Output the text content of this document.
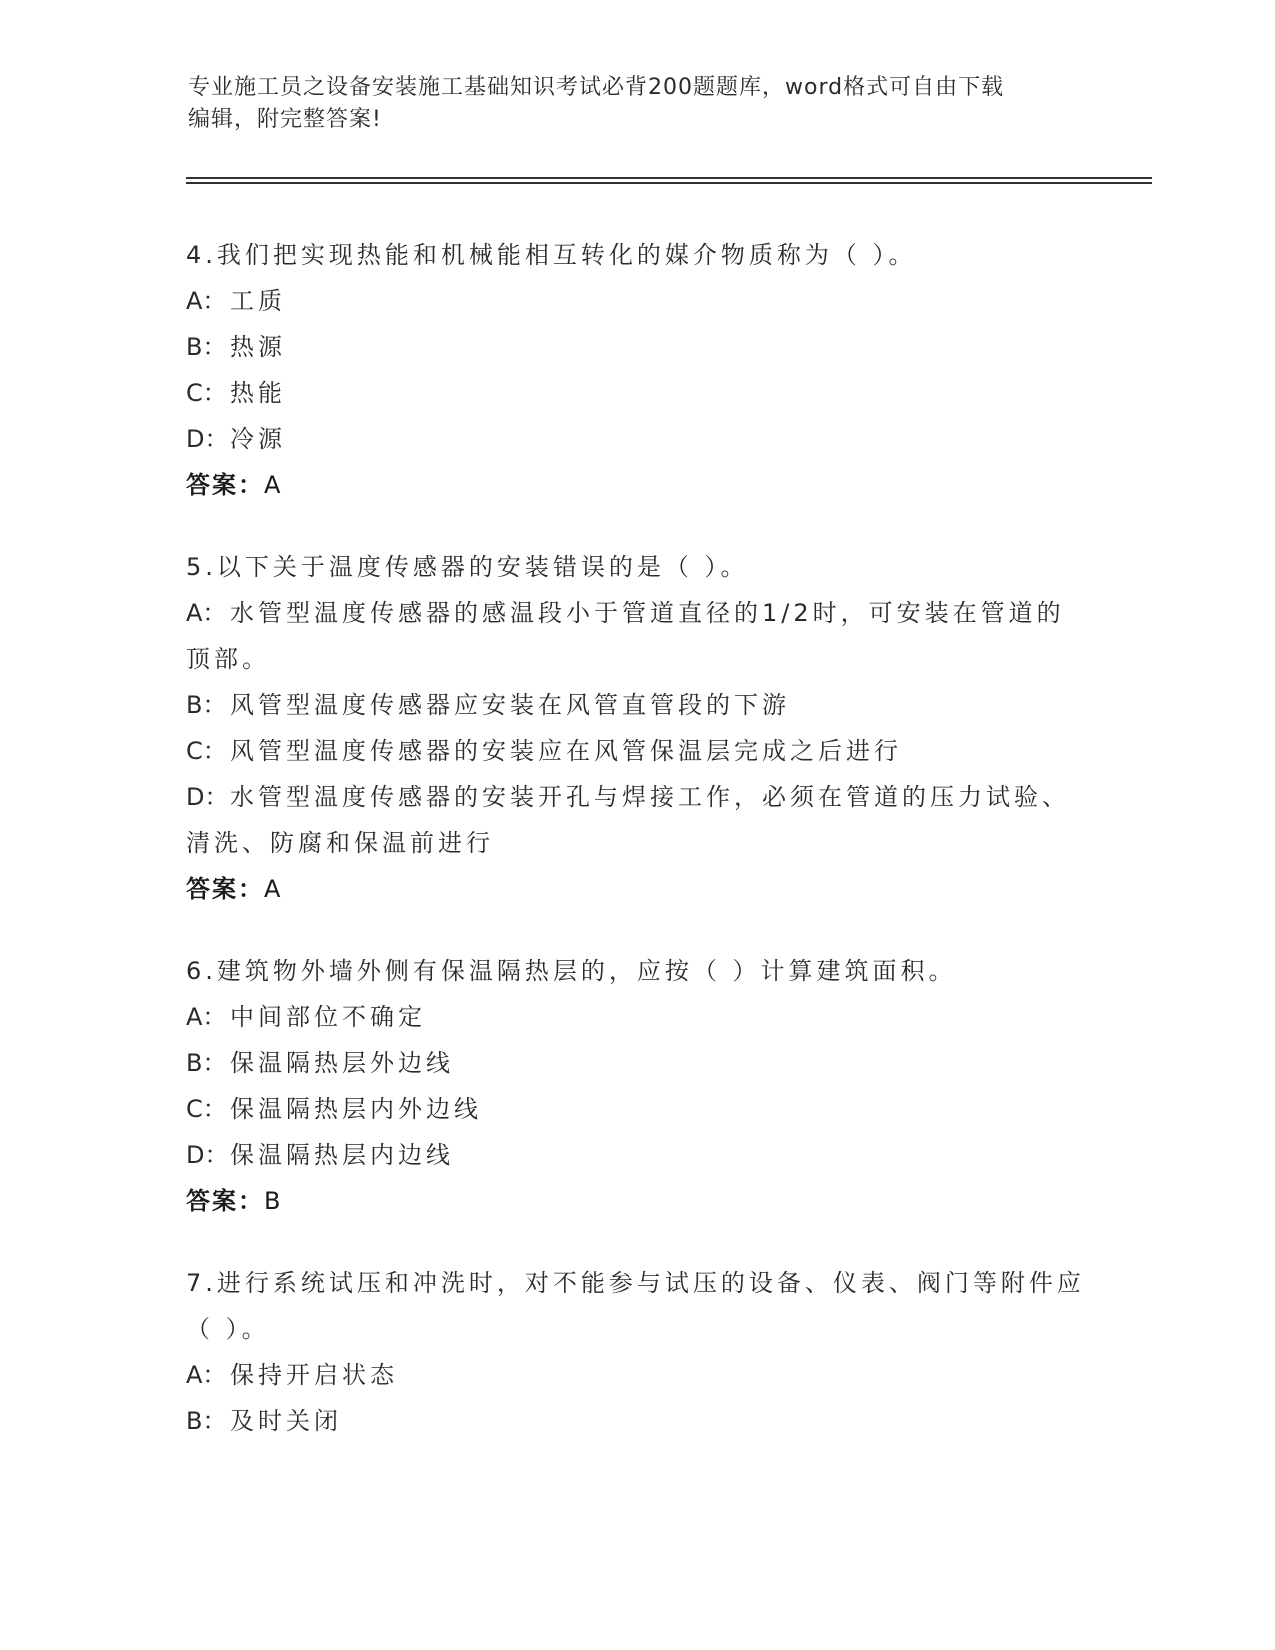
专业施工员之设备安装施工基础知识考试必背200题题库，word格式可自由下载
编辑，附完整答案!
4.我们把实现热能和机械能相互转化的媒介物质称为（ ）。
A： 工质
B： 热源
C： 热能
D：冷源
答案：A
5.以下关于温度传感器的安装错误的是（ ）。
A： 水管型温度传感器的感温段小于管道直径的1/2时，可安装在管道的顶部。
B： 风管型温度传感器应安装在风管直管段的下游
C： 风管型温度传感器的安装应在风管保温层完成之后进行
D：水管型温度传感器的安装开孔与焊接工作，必须在管道的压力试验、清洗、防腐和保温前进行
答案：A
6.建筑物外墙外侧有保温隔热层的，应按（ ）计算建筑面积。
A： 中间部位不确定
B： 保温隔热层外边线
C： 保温隔热层内外边线
D：保温隔热层内边线
答案：B
7.进行系统试压和冲洗时，对不能参与试压的设备、仪表、阀门等附件应（ ）。
A： 保持开启状态
B： 及时关闭
